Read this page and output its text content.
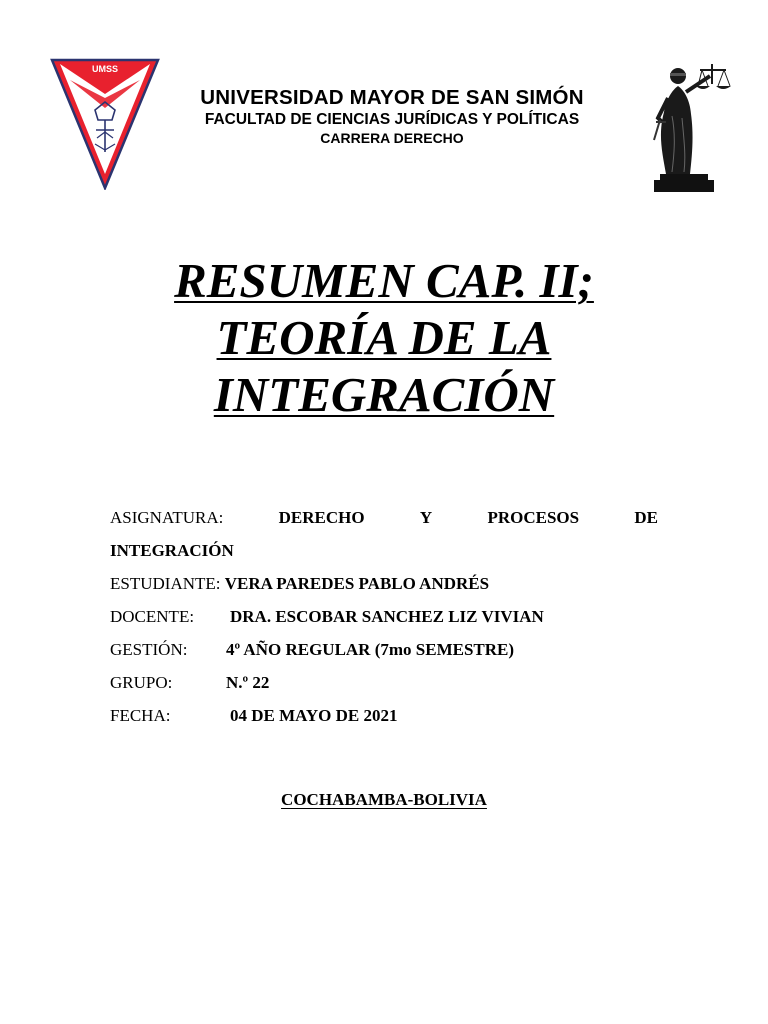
UMSS
UNIVERSIDAD MAYOR DE SAN SIMÓN
FACULTAD DE CIENCIAS JURÍDICAS Y POLÍTICAS
CARRERA DERECHO
RESUMEN CAP. II;
TEORÍA DE LA
INTEGRACIÓN
ASIGNATURA:	DERECHO	Y	PROCESOS	DE
INTEGRACIÓN
ESTUDIANTE: VERA PAREDES PABLO ANDRÉS
DOCENTE: DRA. ESCOBAR SANCHEZ LIZ VIVIAN
GESTIÓN: 4º AÑO REGULAR (7mo SEMESTRE)
GRUPO:	N.º 22
FECHA:	04 DE MAYO DE 2021
COCHABAMBA-BOLIVIA
